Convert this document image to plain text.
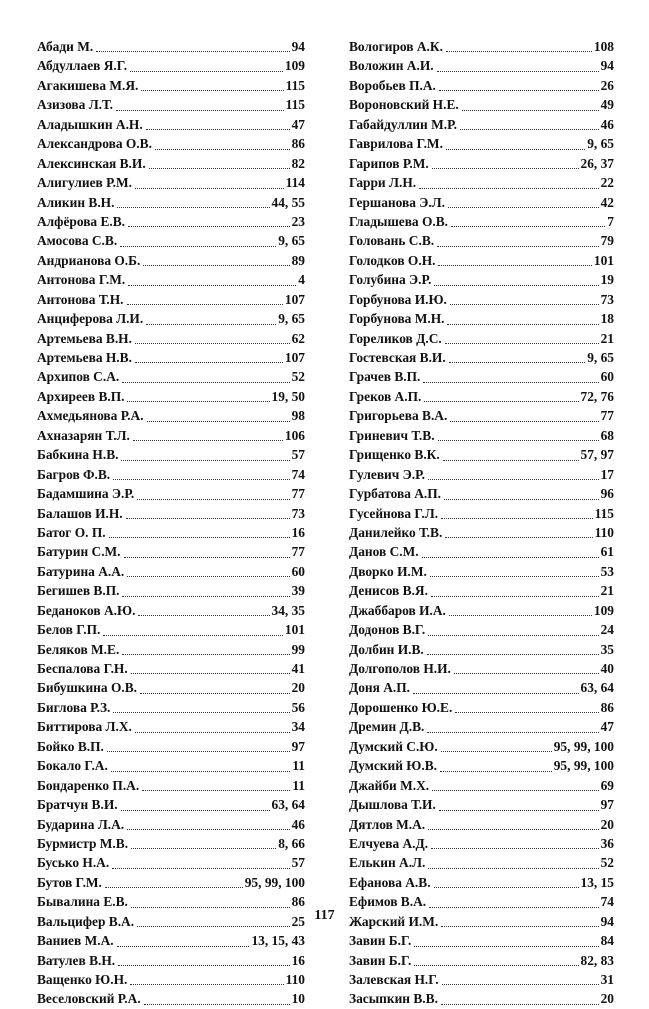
Абади М.	94
Абдуллаев Я.Г.	109
Агакишева М.Я.	115
Азизова Л.Т.	115
Аладышкин А.Н.	47
Александрова О.В.	86
Алексинская В.И.	82
Алигулиев Р.М.	114
Аликин В.Н.	44, 55
Алфёрова Е.В.	23
Амосова С.В.	9, 65
Андрианова О.Б.	89
Антонова Г.М.	4
Антонова Т.Н.	107
Анциферова Л.И.	9, 65
Артемьева В.Н.	62
Артемьева Н.В.	107
Архипов С.А.	52
Архиреев В.П.	19, 50
Ахмедьянова Р.А.	98
Ахназарян Т.Л.	106
Бабкина Н.В.	57
Багров Ф.В.	74
Бадамшина Э.Р.	77
Балашов И.Н.	73
Батог О. П.	16
Батурин С.М.	77
Батурина А.А.	60
Бегишев В.П.	39
Беданоков А.Ю.	34, 35
Белов Г.П.	101
Беляков М.Е.	99
Беспалова Г.Н.	41
Бибушкина О.В.	20
Биглова Р.З.	56
Биттирова Л.Х.	34
Бойко В.П.	97
Бокало Г.А.	11
Бондаренко П.А.	11
Братчун В.И.	63, 64
Бударина Л.А.	46
Бурмистр М.В.	8, 66
Бусько Н.А.	57
Бутов Г.М.	95, 99, 100
Бывалина Е.В.	86
Вальцифер В.А.	25
Ваниев М.А.	13, 15, 43
Ватулев В.Н.	16
Ващенко Ю.Н.	110
Веселовский Р.А.	10
Вологиров А.К.	108
Воложин А.И.	94
Воробьев П.А.	26
Вороновский Н.Е.	49
Габайдуллин М.Р.	46
Гаврилова Г.М.	9, 65
Гарипов Р.М.	26, 37
Гарри Л.Н.	22
Гершанова Э.Л.	42
Гладышева О.В.	7
Головань С.В.	79
Голодков О.Н.	101
Голубина Э.Р.	19
Горбунова И.Ю.	73
Горбунова М.Н.	18
Гореликов Д.С.	21
Гостевская В.И.	9, 65
Грачев В.П.	60
Греков А.П.	72, 76
Григорьева В.А.	77
Гриневич Т.В.	68
Грищенко В.К.	57, 97
Гулевич Э.Р.	17
Гурбатова А.П.	96
Гусейнова Г.Л.	115
Данилейко Т.В.	110
Данов С.М.	61
Дворко И.М.	53
Денисов В.Я.	21
Джаббаров И.А.	109
Додонов В.Г.	24
Долбин И.В.	35
Долгополов Н.И.	40
Доня А.П.	63, 64
Дорошенко Ю.Е.	86
Дремин Д.В.	47
Думский С.Ю.	95, 99, 100
Думский Ю.В.	95, 99, 100
Джайби М.Х.	69
Дышлова Т.И.	97
Дятлов М.А.	20
Елчуева А.Д.	36
Елькин А.Л.	52
Ефанова А.В.	13, 15
Ефимов В.А.	74
Жарский И.М.	94
Завин Б.Г.	84
Завин Б.Г.	82, 83
Залевская Н.Г.	31
Засыпкин В.В.	20
117
